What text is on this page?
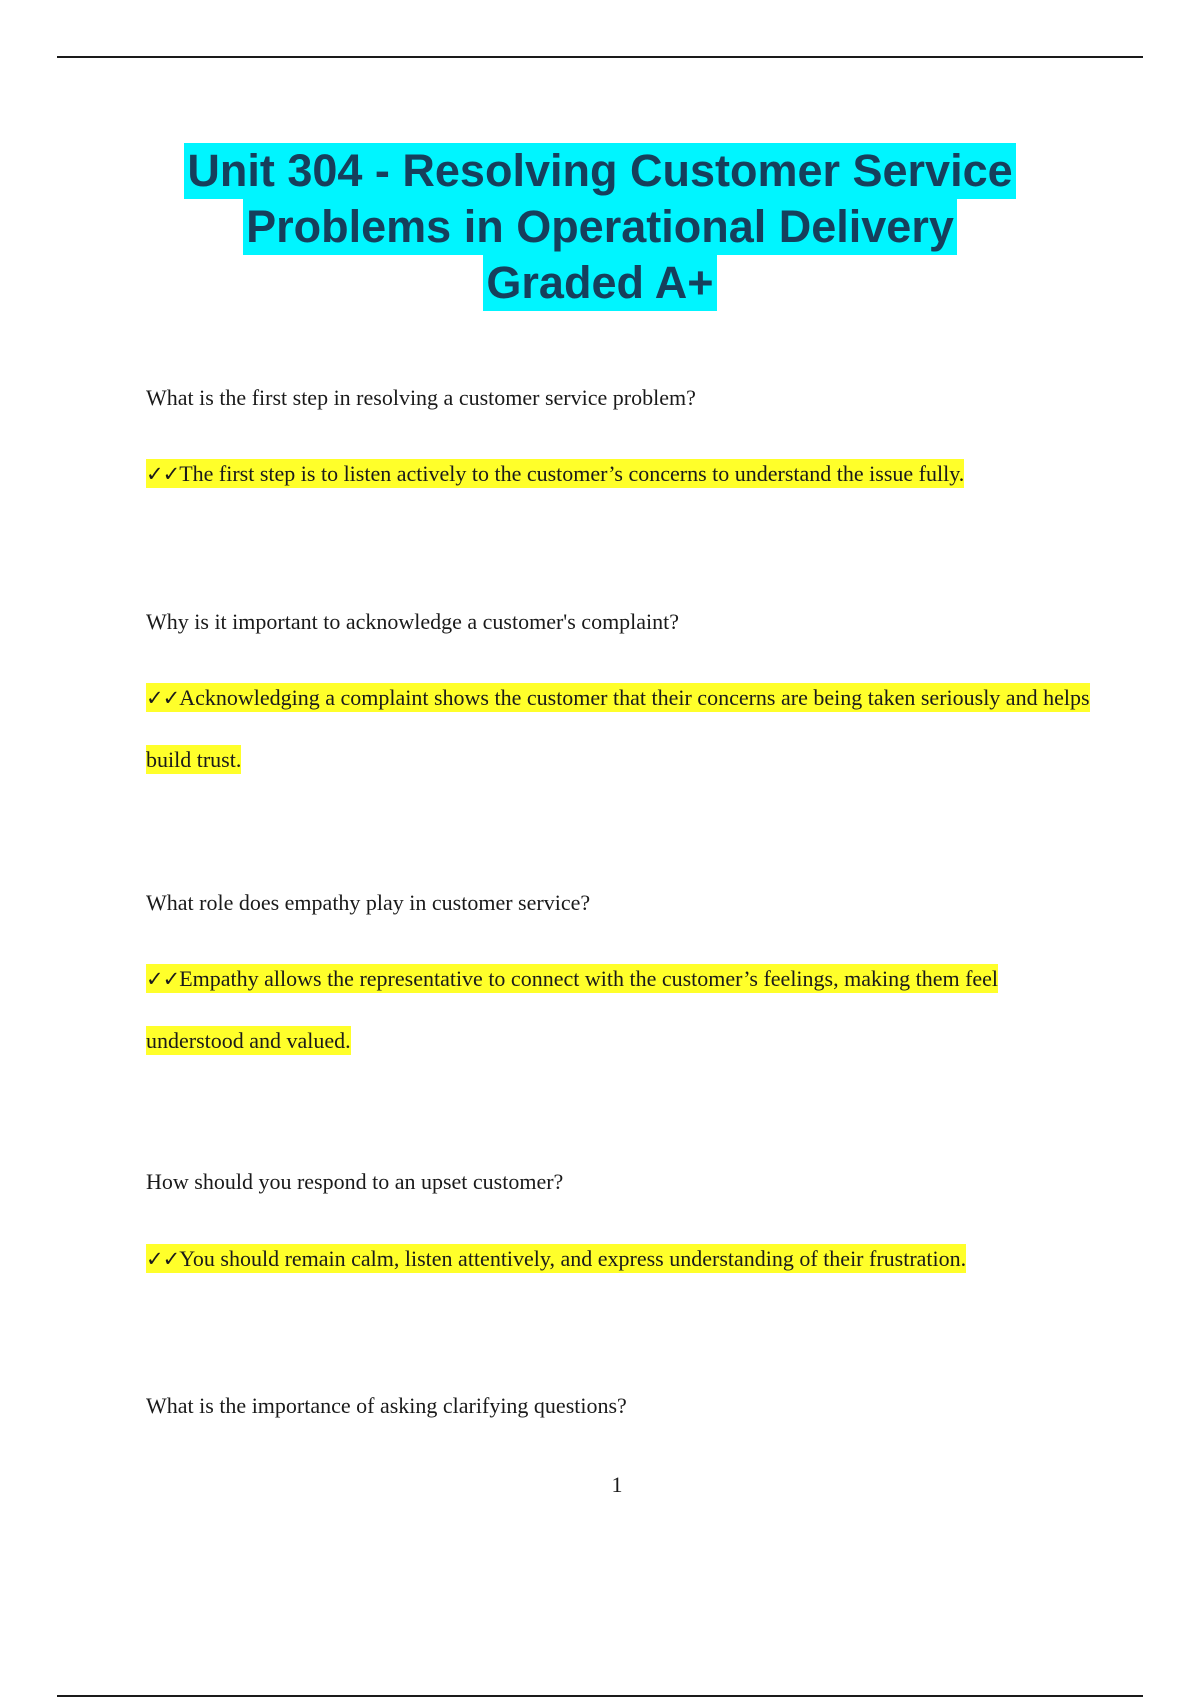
Unit 304 - Resolving Customer Service
Problems in Operational Delivery
Graded A+
What is the first step in resolving a customer service problem?
✓✓The first step is to listen actively to the customer’s concerns to understand the issue fully.
Why is it important to acknowledge a customer's complaint?
✓✓Acknowledging a complaint shows the customer that their concerns are being taken seriously and helps build trust.
What role does empathy play in customer service?
✓✓Empathy allows the representative to connect with the customer’s feelings, making them feel understood and valued.
How should you respond to an upset customer?
✓✓You should remain calm, listen attentively, and express understanding of their frustration.
What is the importance of asking clarifying questions?
1
